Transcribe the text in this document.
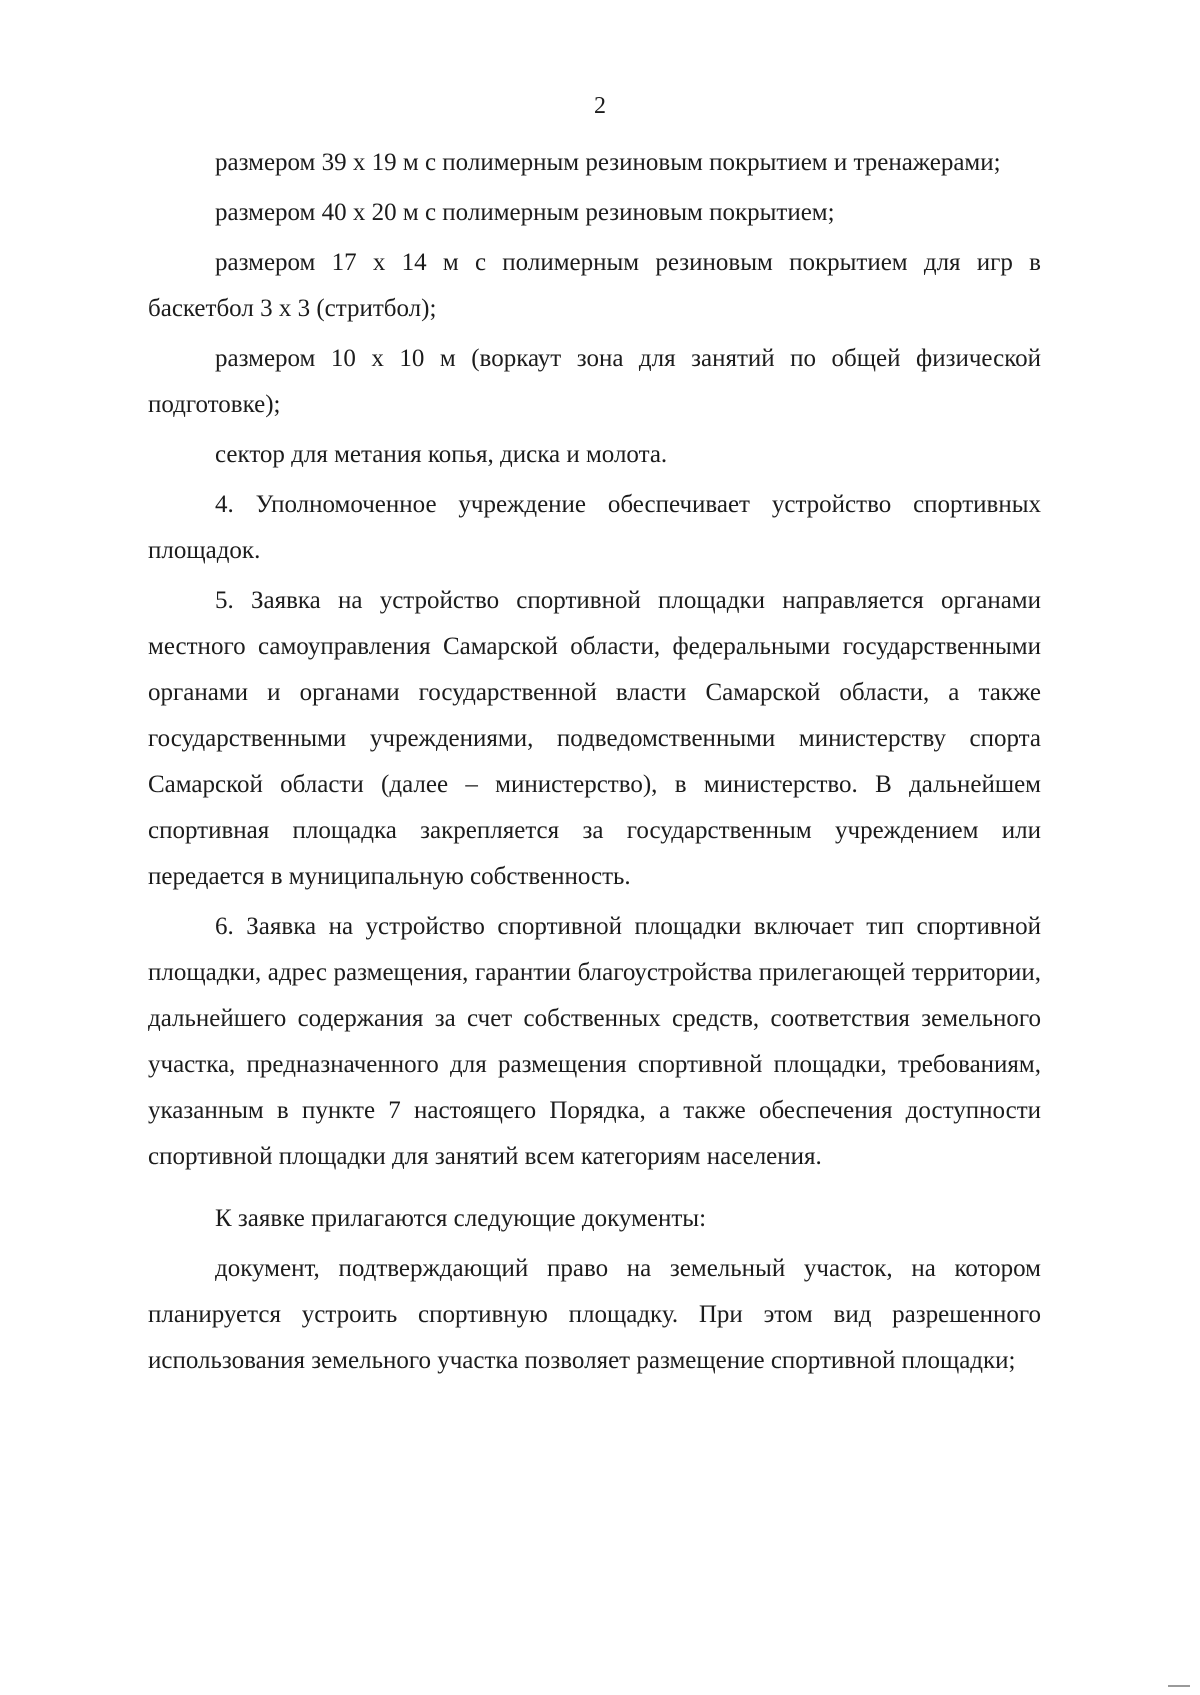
2

размером 39 х 19 м с полимерным резиновым покрытием и тренажерами;

размером 40 х 20 м с полимерным резиновым покрытием;

размером 17 х 14 м с полимерным резиновым покрытием для игр в баскетбол 3 х 3 (стритбол);

размером 10 х 10 м (воркаут зона для занятий по общей физической подготовке);

сектор для метания копья, диска и молота.

4. Уполномоченное учреждение обеспечивает устройство спортивных площадок.

5. Заявка на устройство спортивной площадки направляется органами местного самоуправления Самарской области, федеральными государственными органами и органами государственной власти Самарской области, а также государственными учреждениями, подведомственными министерству спорта Самарской области (далее – министерство), в министерство. В дальнейшем спортивная площадка закрепляется за государственным учреждением или передается в муниципальную собственность.

6. Заявка на устройство спортивной площадки включает тип спортивной площадки, адрес размещения, гарантии благоустройства прилегающей территории, дальнейшего содержания за счет собственных средств, соответствия земельного участка, предназначенного для размещения спортивной площадки, требованиям, указанным в пункте 7 настоящего Порядка, а также обеспечения доступности спортивной площадки для занятий всем категориям населения.

К заявке прилагаются следующие документы:

документ, подтверждающий право на земельный участок, на котором планируется устроить спортивную площадку. При этом вид разрешенного использования земельного участка позволяет размещение спортивной площадки;
